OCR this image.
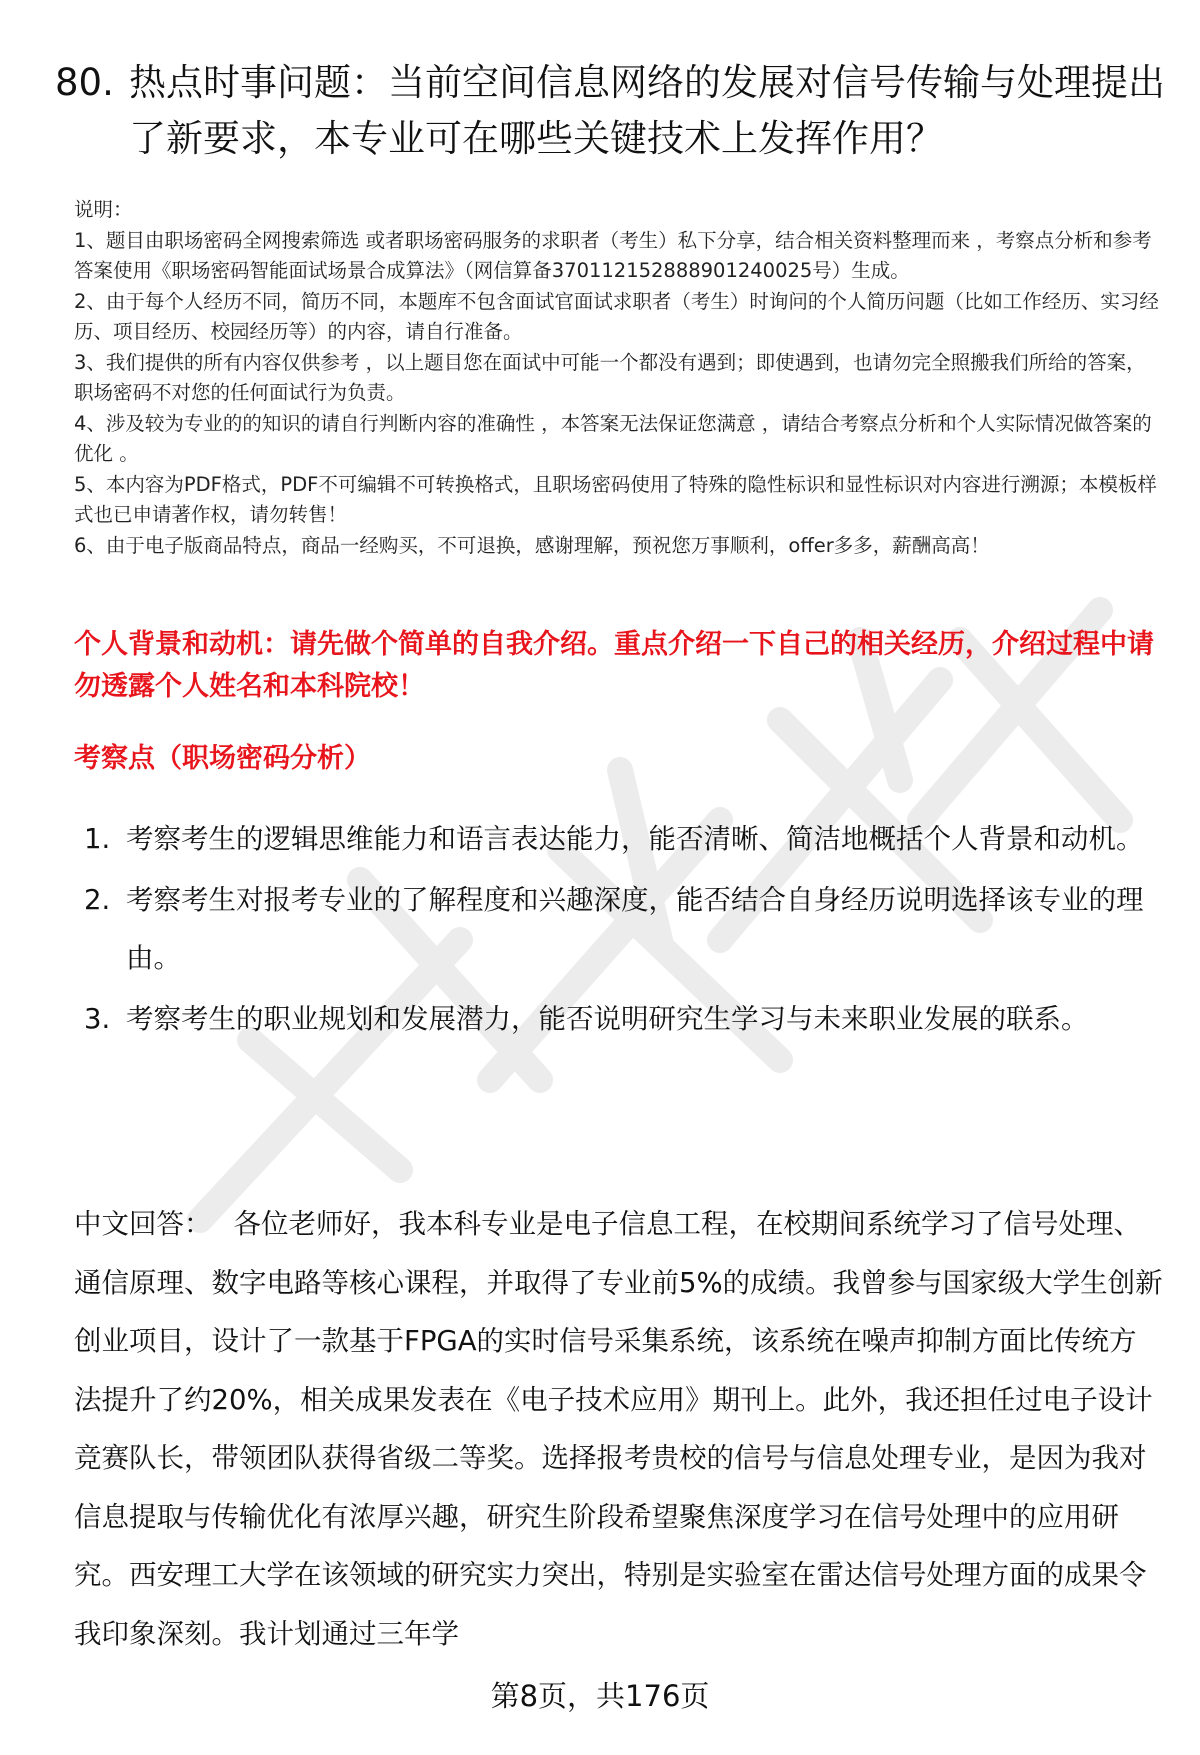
80. 热点时事问题：当前空间信息网络的发展对信号传输与处理提出了新要求，本专业可在哪些关键技术上发挥作用？

说明：

1、题目由职场密码全网搜索筛选 或者职场密码服务的求职者（考生）私下分享，结合相关资料整理而来 ，考察点分析和参考答案使用《职场密码智能面试场景合成算法》（网信算备370112152888901240025号）生成。

2、由于每个人经历不同，简历不同，本题库不包含面试官面试求职者（考生）时询问的个人简历问题（比如工作经历、实习经历、项目经历、校园经历等）的内容，请自行准备。

3、我们提供的所有内容仅供参考 ，以上题目您在面试中可能一个都没有遇到；即使遇到，也请勿完全照搬我们所给的答案，职场密码不对您的任何面试行为负责。

4、涉及较为专业的的知识的请自行判断内容的准确性 ，本答案无法保证您满意 ，请结合考察点分析和个人实际情况做答案的优化 。

5、本内容为PDF格式，PDF不可编辑不可转换格式，且职场密码使用了特殊的隐性标识和显性标识对内容进行溯源；本模板样式也已申请著作权，请勿转售！

6、由于电子版商品特点，商品一经购买，不可退换，感谢理解，预祝您万事顺利，offer多多，薪酬高高！

个人背景和动机：请先做个简单的自我介绍。重点介绍一下自己的相关经历，介绍过程中请勿透露个人姓名和本科院校！
考察点（职场密码分析）
1. 考察考生的逻辑思维能力和语言表达能力，能否清晰、简洁地概括个人背景和动机。
2. 考察考生对报考专业的了解程度和兴趣深度，能否结合自身经历说明选择该专业的理由。
3. 考察考生的职业规划和发展潜力，能否说明研究生学习与未来职业发展的联系。
中文回答： 各位老师好，我本科专业是电子信息工程，在校期间系统学习了信号处理、通信原理、数字电路等核心课程，并取得了专业前5%的成绩。我曾参与国家级大学生创新创业项目，设计了一款基于FPGA的实时信号采集系统，该系统在噪声抑制方面比传统方法提升了约20%，相关成果发表在《电子技术应用》期刊上。此外，我还担任过电子设计竞赛队长，带领团队获得省级二等奖。选择报考贵校的信号与信息处理专业，是因为我对信息提取与传输优化有浓厚兴趣，研究生阶段希望聚焦深度学习在信号处理中的应用研究。西安理工大学在该领域的研究实力突出，特别是实验室在雷达信号处理方面的成果令我印象深刻。我计划通过三年学
第8页，共176页
